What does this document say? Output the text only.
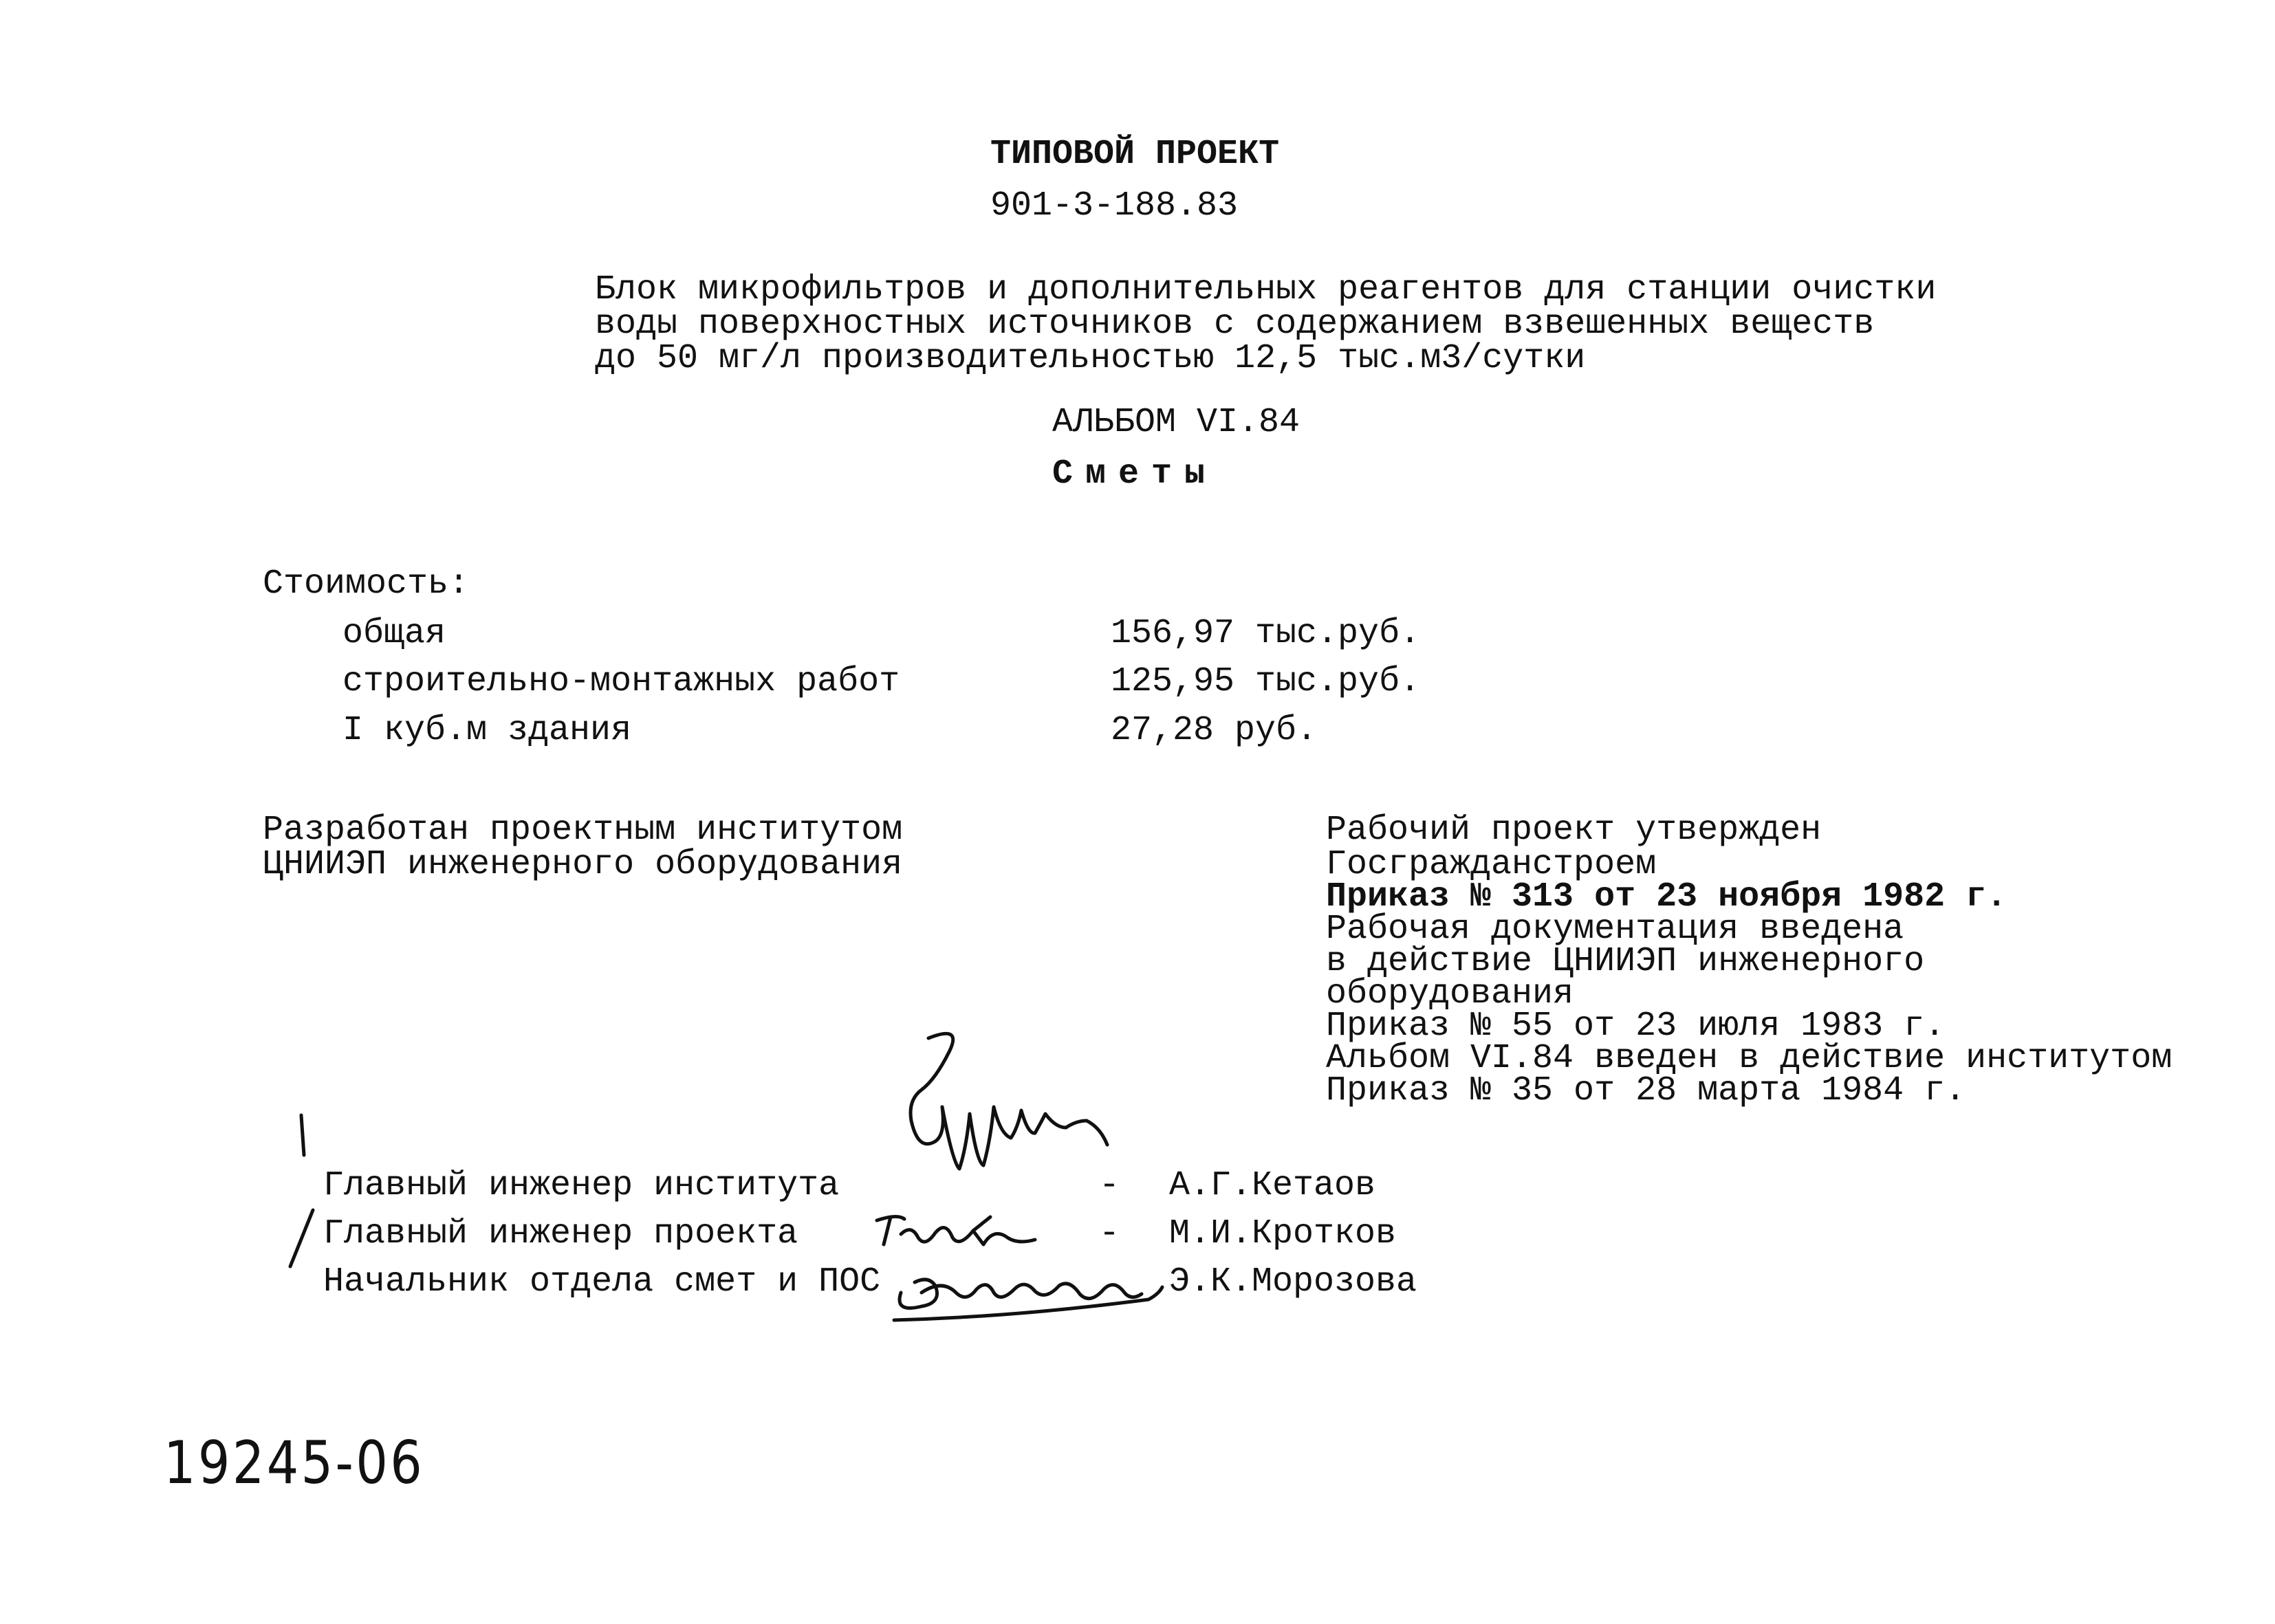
ТИПОВОЙ ПРОЕКТ
901-3-188.83
Блок микрофильтров и дополнительных реагентов для станции очистки
воды поверхностных источников с содержанием взвешенных веществ
до 50 мг/л производительностью 12,5 тыс.м3/сутки
АЛЬБОМ VI.84
Сметы
Стоимость:
общая	156,97 тыс.руб.
строительно-монтажных работ	125,95 тыс.руб.
I куб.м здания	27,28 руб.
Разработан проектным институтом
ЦНИИЭП инженерного оборудования
Рабочий проект утвержден
Госгражданстроем
Приказ № 313 от 23 ноября 1982 г.
Рабочая документация введена
в действие ЦНИИЭП инженерного
оборудования
Приказ № 55 от 23 июля 1983 г.
Альбом VI.84 введен в действие институтом
Приказ № 35 от 28 марта 1984 г.
Главный инженер института	- А.Г.Кетаов
Главный инженер проекта	- М.И.Кротков
Начальник отдела смет и ПОС	Э.К.Морозова
19245-06
